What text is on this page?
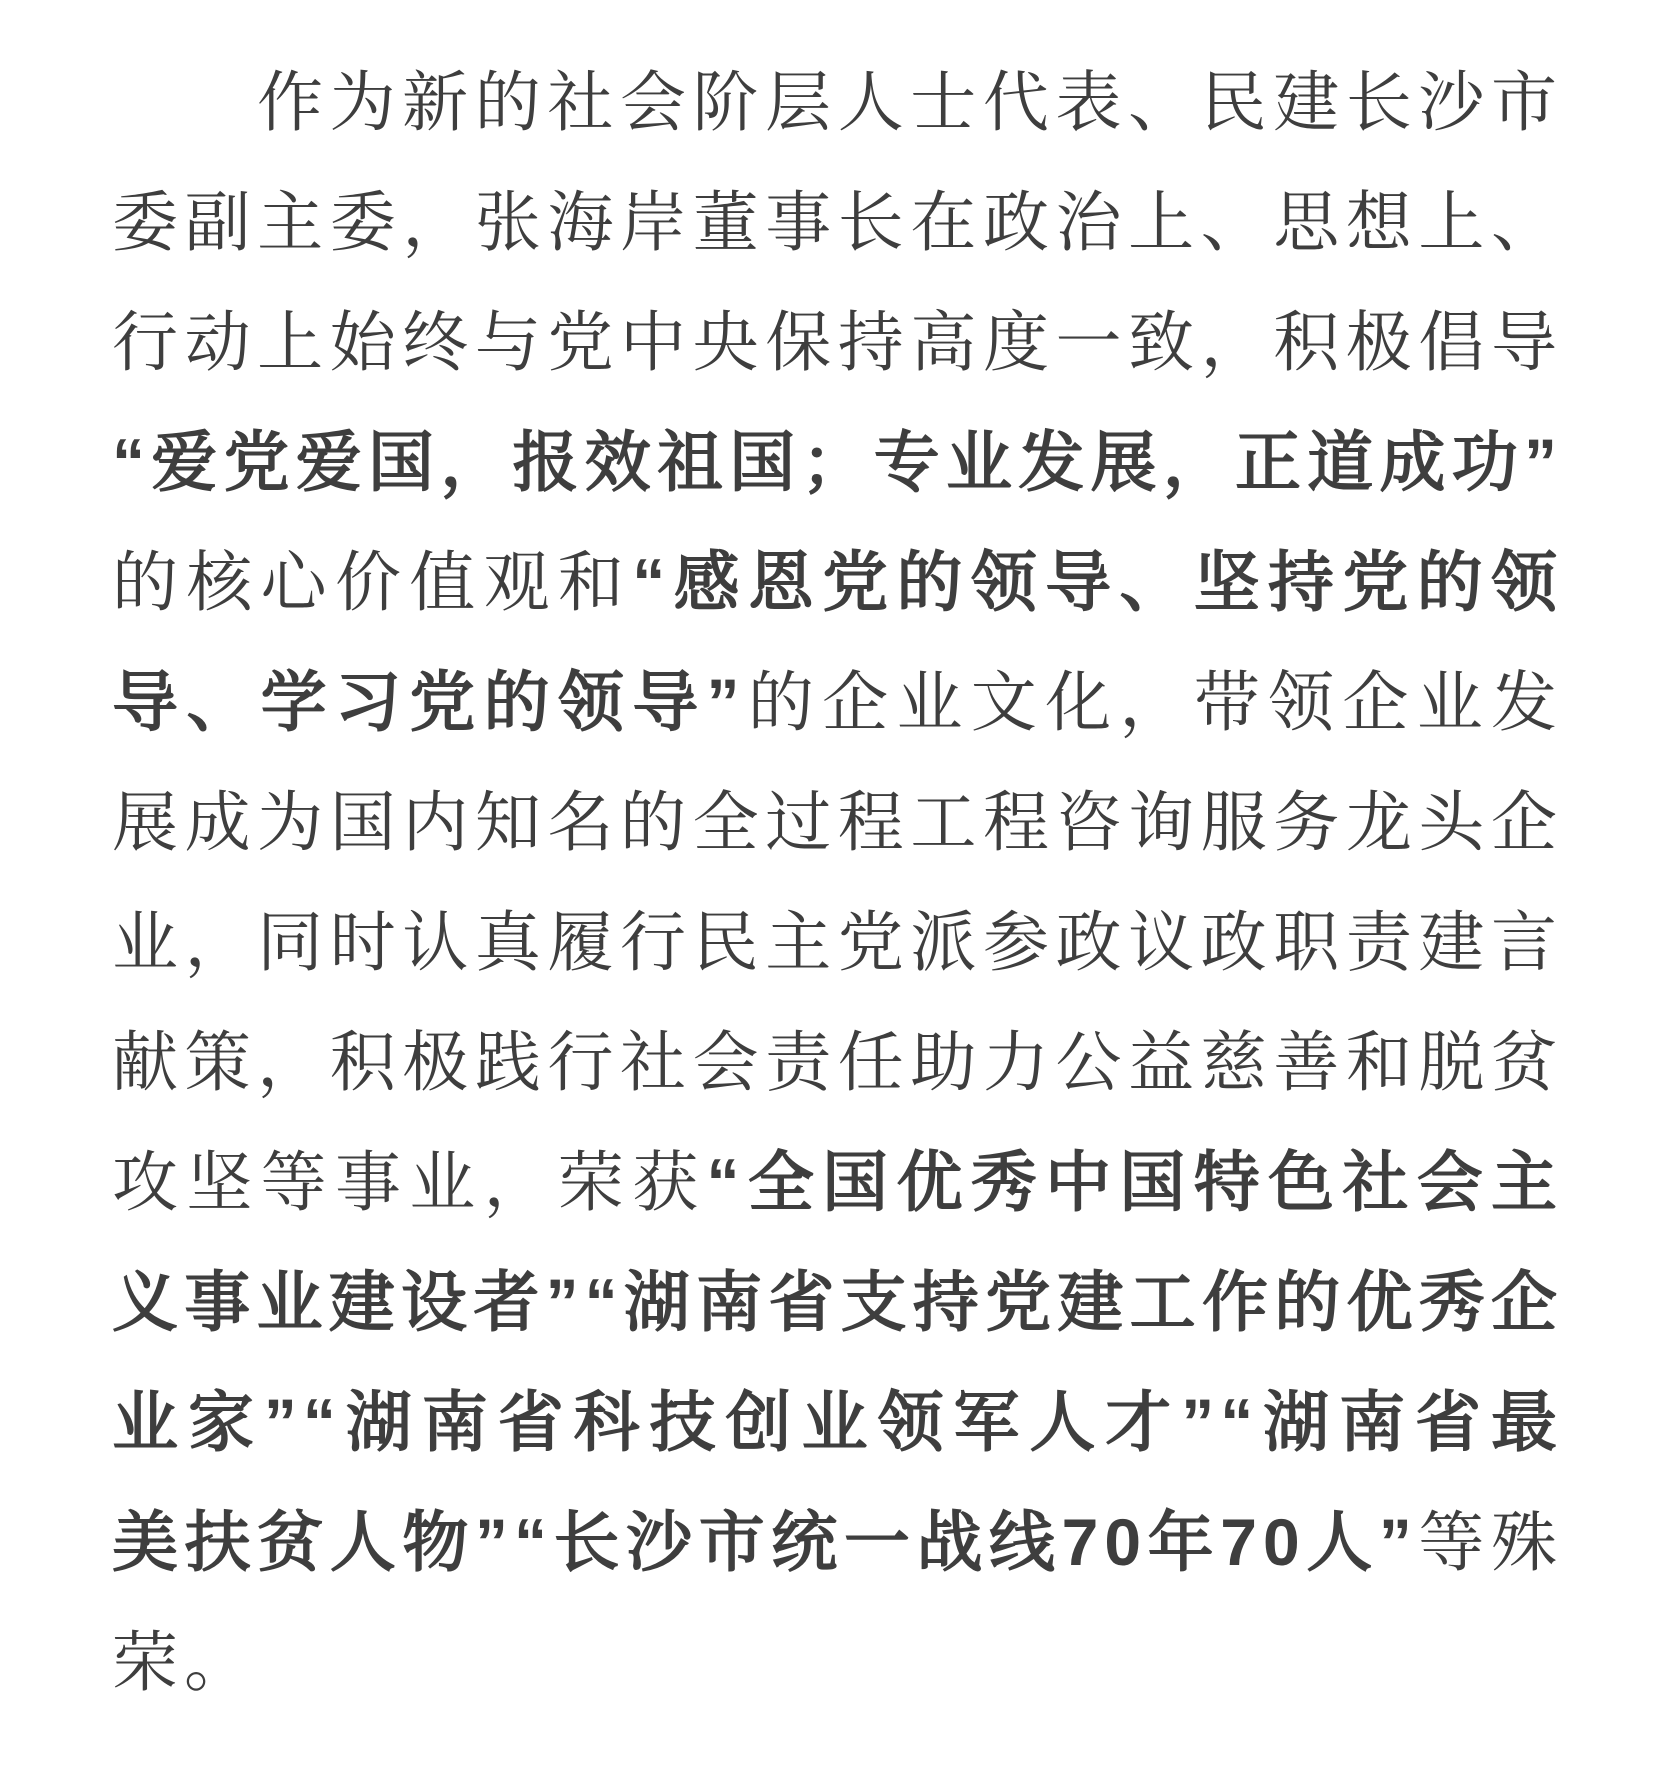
作为新的社会阶层人士代表、民建长沙市委副主委，张海岸董事长在政治上、思想上、行动上始终与党中央保持高度一致，积极倡导“爱党爱国，报效祖国；专业发展，正道成功”的核心价值观和“感恩党的领导、坚持党的领导、学习党的领导”的企业文化，带领企业发展成为国内知名的全过程工程咨询服务龙头企业，同时认真履行民主党派参政议政职责建言献策，积极践行社会责任助力公益慈善和脱贫攻坚等事业，荣获“全国优秀中国特色社会主义事业建设者”“湖南省支持党建工作的优秀企业家”“湖南省科技创业领军人才”“湖南省最美扶贫人物”“长沙市统一战线70年70人”等殊荣。
